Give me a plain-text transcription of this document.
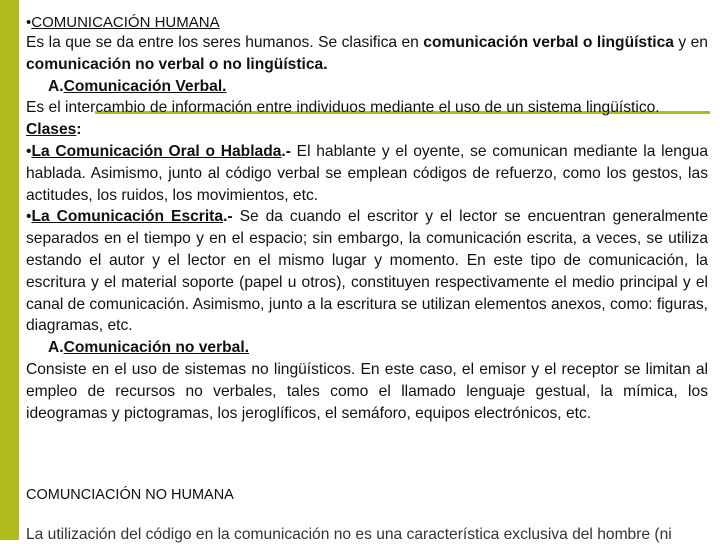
•COMUNICACIÓN HUMANA

Es la que se da entre los seres humanos. Se clasifica en comunicación verbal o lingüística y en comunicación no verbal o no lingüística.

A.Comunicación Verbal.

Es el intercambio de información entre individuos mediante el uso de un sistema lingüístico.

Clases:

•La Comunicación Oral o Hablada.- El hablante y el oyente, se comunican mediante la lengua hablada. Asimismo, junto al código verbal se emplean códigos de refuerzo, como los gestos, las actitudes, los ruidos, los movimientos, etc.

•La Comunicación Escrita.- Se da cuando el escritor y el lector se encuentran generalmente separados en el tiempo y en el espacio; sin embargo, la comunicación escrita, a veces, se utiliza estando el autor y el lector en el mismo lugar y momento. En este tipo de comunicación, la escritura y el material soporte (papel u otros), constituyen respectivamente el medio principal y el canal de comunicación. Asimismo, junto a la escritura se utilizan elementos anexos, como: figuras, diagramas, etc.

A.Comunicación no verbal.

Consiste en el uso de sistemas no lingüísticos. En este caso, el emisor y el receptor se limitan al empleo de recursos no verbales, tales como el llamado lenguaje gestual, la mímica, los ideogramas y pictogramas, los jeroglíficos, el semáforo, equipos electrónicos, etc.

COMUNCIACIÓN NO HUMANA
La utilización del código en la comunicación no es una característica exclusiva del hombre (ni
